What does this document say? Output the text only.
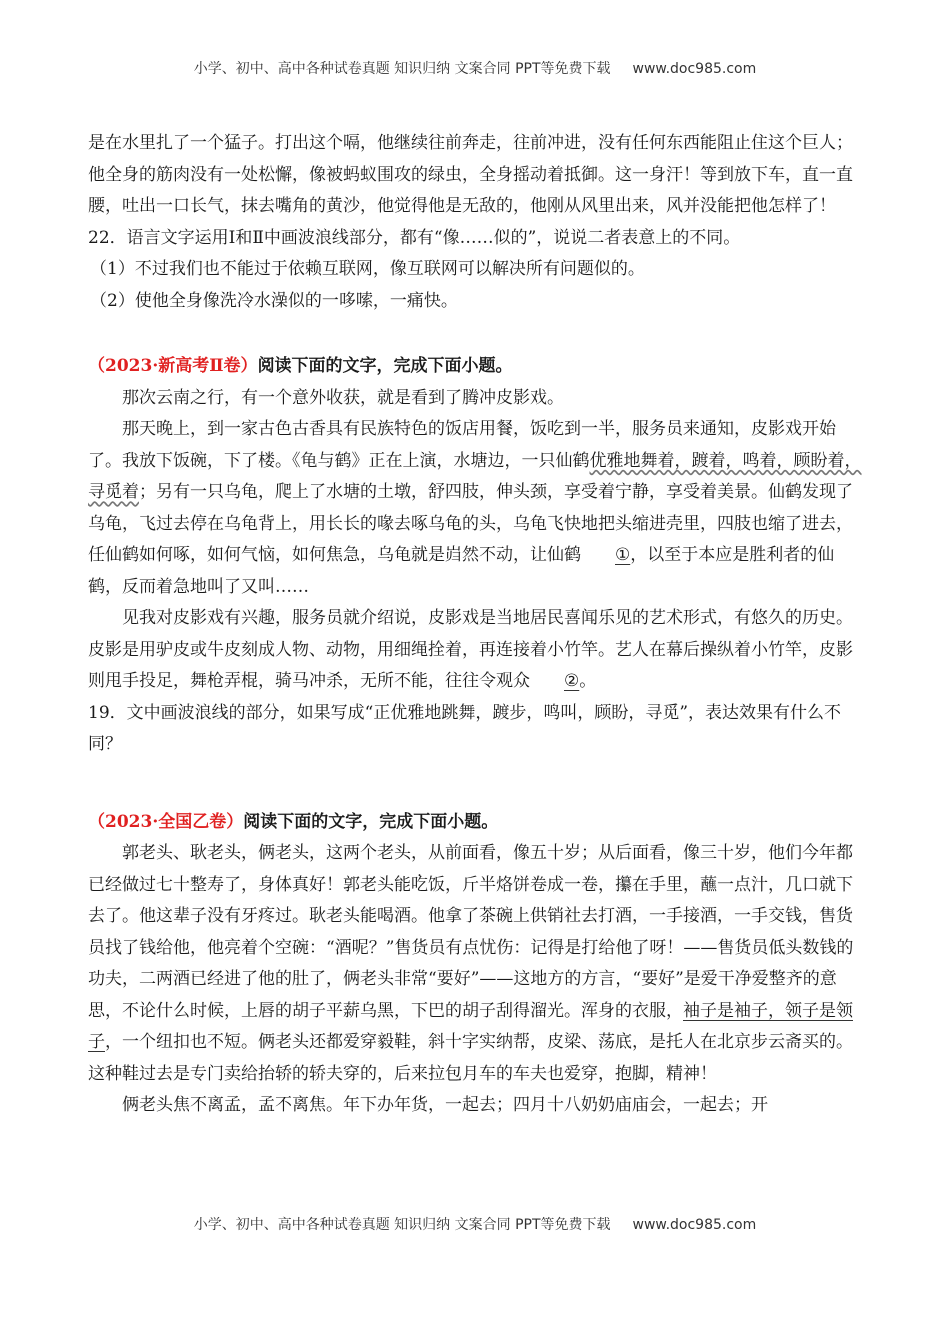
小学、初中、高中各种试卷真题 知识归纳 文案合同 PPT等免费下载 www.doc985.com

是在水里扎了一个猛子。打出这个嗝，他继续往前奔走，往前冲进，没有任何东西能阻止住这个巨人；他全身的筋肉没有一处松懈，像被蚂蚁围攻的绿虫，全身摇动着抵御。这一身汗！等到放下车，直一直腰，吐出一口长气，抹去嘴角的黄沙，他觉得他是无敌的，他刚从风里出来，风并没能把他怎样了！

22．语言文字运用Ⅰ和Ⅱ中画波浪线部分，都有“像……似的”，说说二者表意上的不同。

（1）不过我们也不能过于依赖互联网，像互联网可以解决所有问题似的。

（2）使他全身像洗冷水澡似的一哆嗦，一痛快。

（2023·新高考Ⅱ卷）阅读下面的文字，完成下面小题。

那次云南之行，有一个意外收获，就是看到了腾冲皮影戏。

那天晚上，到一家古色古香具有民族特色的饭店用餐，饭吃到一半，服务员来通知，皮影戏开始了。我放下饭碗，下了楼。《龟与鹤》正在上演，水塘边，一只仙鹤优雅地舞着，踱着，鸣着，顾盼着，寻觅着；另有一只乌龟，爬上了水塘的土墩，舒四肢，伸头颈，享受着宁静，享受着美景。仙鹤发现了乌龟，飞过去停在乌龟背上，用长长的喙去啄乌龟的头，乌龟飞快地把头缩进壳里，四肢也缩了进去，任仙鹤如何啄，如何气恼，如何焦急，乌龟就是岿然不动，让仙鹤 ①，以至于本应是胜利者的仙鹤，反而着急地叫了又叫……

见我对皮影戏有兴趣，服务员就介绍说，皮影戏是当地居民喜闻乐见的艺术形式，有悠久的历史。皮影是用驴皮或牛皮刻成人物、动物，用细绳拴着，再连接着小竹竿。艺人在幕后操纵着小竹竿，皮影则甩手投足，舞枪弄棍，骑马冲杀，无所不能，往往令观众 ②。

19．文中画波浪线的部分，如果写成“正优雅地跳舞，踱步，鸣叫，顾盼，寻觅”，表达效果有什么不同？

（2023·全国乙卷）阅读下面的文字，完成下面小题。

郭老头、耿老头，俩老头，这两个老头，从前面看，像五十岁；从后面看，像三十岁，他们今年都已经做过七十整寿了，身体真好！郭老头能吃饭，斤半烙饼卷成一卷，攥在手里，蘸一点汁，几口就下去了。他这辈子没有牙疼过。耿老头能喝酒。他拿了茶碗上供销社去打酒，一手接酒，一手交钱，售货员找了钱给他，他亮着个空碗：“酒呢？”售货员有点忧伤：记得是打给他了呀！——售货员低头数钱的功夫，二两酒已经进了他的肚了，俩老头非常“要好”——这地方的方言，“要好”是爱干净爱整齐的意思，不论什么时候，上唇的胡子平薪乌黑，下巴的胡子刮得溜光。浑身的衣服，袖子是袖子，领子是领子，一个纽扣也不短。俩老头还都爱穿毅鞋，斜十字实纳帮，皮梁、荡底，是托人在北京步云斋买的。这种鞋过去是专门卖给抬轿的轿夫穿的，后来拉包月车的车夫也爱穿，抱脚，精神！

俩老头焦不离孟，孟不离焦。年下办年货，一起去；四月十八奶奶庙庙会，一起去；开

小学、初中、高中各种试卷真题 知识归纳 文案合同 PPT等免费下载 www.doc985.com
